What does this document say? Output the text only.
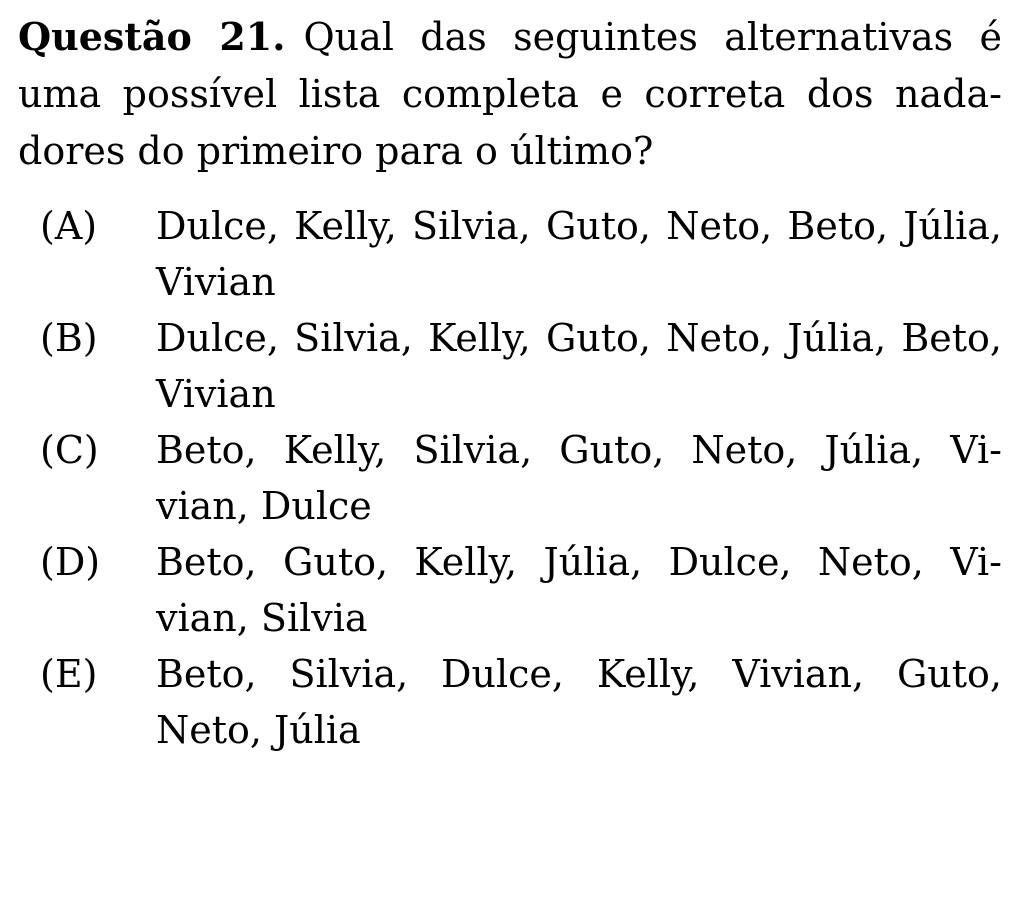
Questão 21. Qual das seguintes alternativas é
uma possível lista completa e correta dos nada-
dores do primeiro para o último?

(A) Dulce, Kelly, Silvia, Guto, Neto, Beto, Júlia,
Vivian
(B) Dulce, Silvia, Kelly, Guto, Neto, Júlia, Beto,
Vivian
(C) Beto, Kelly, Silvia, Guto, Neto, Júlia, Vi-
vian, Dulce
(D) Beto, Guto, Kelly, Júlia, Dulce, Neto, Vi-
vian, Silvia
(E) Beto, Silvia, Dulce, Kelly, Vivian, Guto,
Neto, Júlia
